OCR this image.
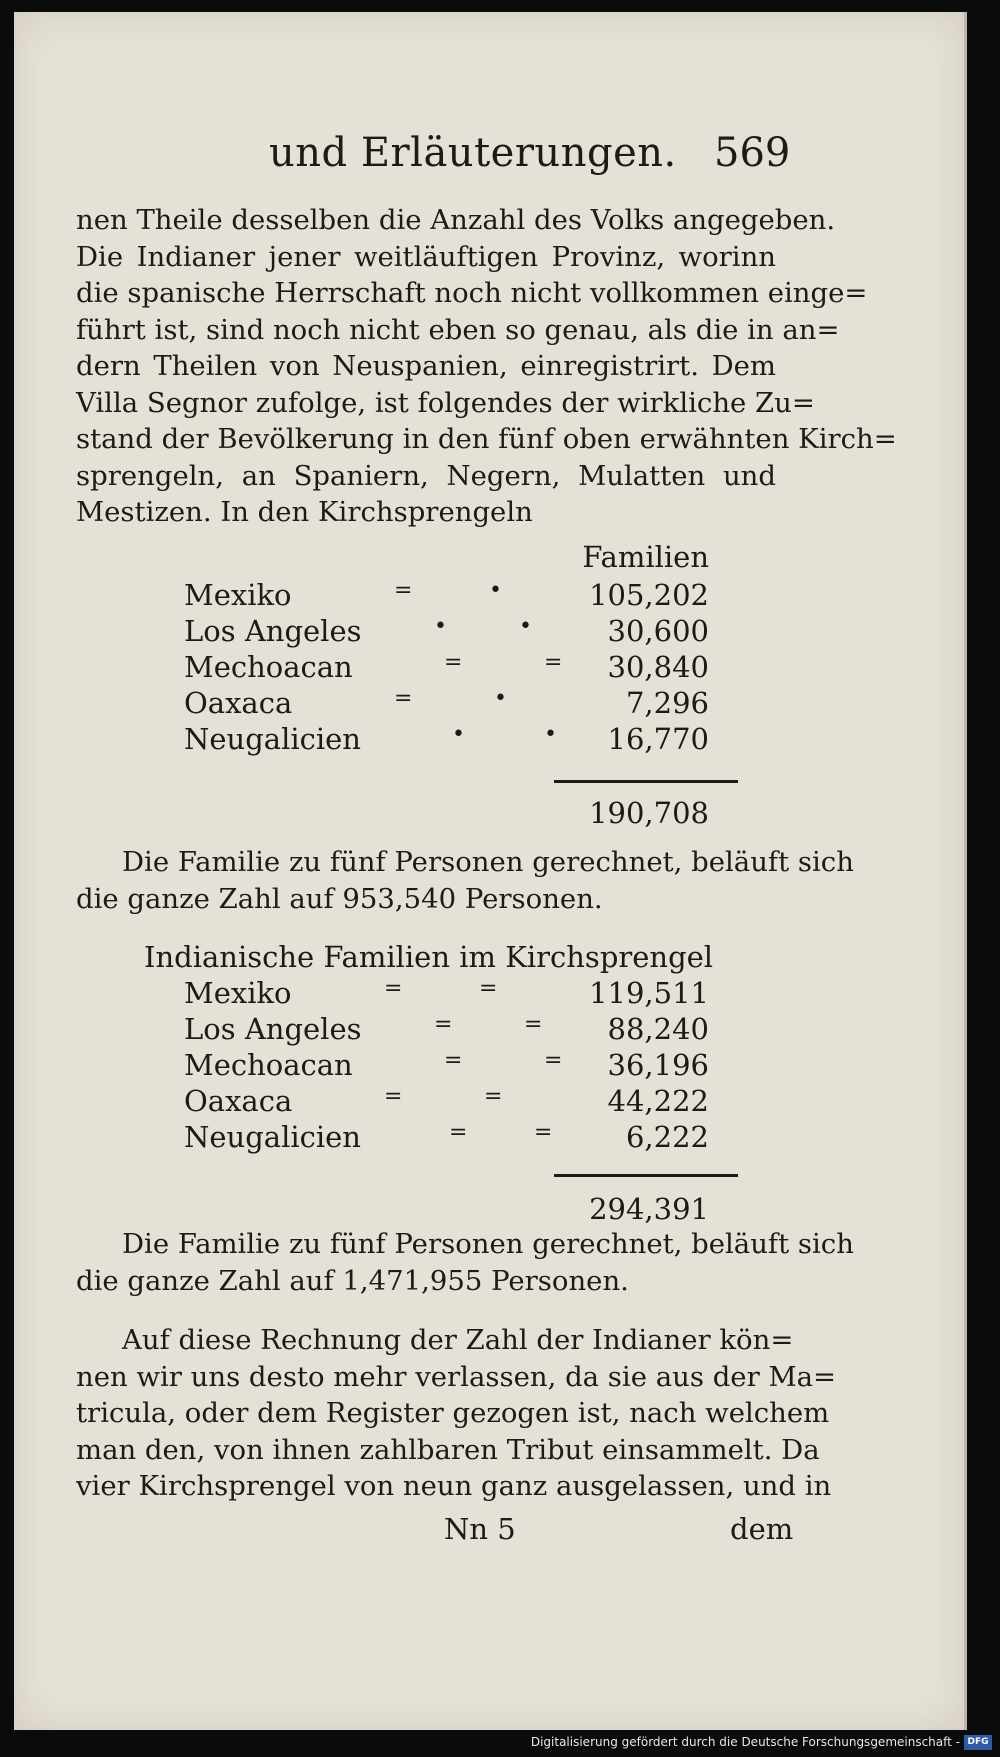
und Erläuterungen. 569
nen Theile desselben die Anzahl des Volks angegeben.
Die Indianer jener weitläuftigen Provinz, worinn
die spanische Herrschaft noch nicht vollkommen einge=
führt ist, sind noch nicht eben so genau, als die in an=
dern Theilen von Neuspanien, einregistrirt. Dem
Villa Segnor zufolge, ist folgendes der wirkliche Zu=
stand der Bevölkerung in den fünf oben erwähnten Kirch=
sprengeln, an Spaniern, Negern, Mulatten und
Mestizen. In den Kirchsprengeln
Familien
Mexiko	=	•	105,202
Los Angeles	•	•	30,600
Mechoacan	=	= 30,840
Oaxaca	=	•	7,296
Neugalicien	•	• 16,770
190,708
Die Familie zu fünf Personen gerechnet, beläuft sich
die ganze Zahl auf 953,540 Personen.
Indianische Familien im Kirchsprengel
Mexiko	=	=	119,511
Los Angeles	=	= 88,240
Mechoacan	=	= 36,196
Oaxaca	=	=	44,222
Neugalicien	=	=	6,222
294,391
Die Familie zu fünf Personen gerechnet, beläuft sich
die ganze Zahl auf 1,471,955 Personen.
Auf diese Rechnung der Zahl der Indianer kön=
nen wir uns desto mehr verlassen, da sie aus der Ma=
tricula, oder dem Register gezogen ist, nach welchem
man den, von ihnen zahlbaren Tribut einsammelt. Da
vier Kirchsprengel von neun ganz ausgelassen, und in
Nn 5	dem
Digitalisierung gefördert durch die Deutsche Forschungsgemeinschaft - DFG
